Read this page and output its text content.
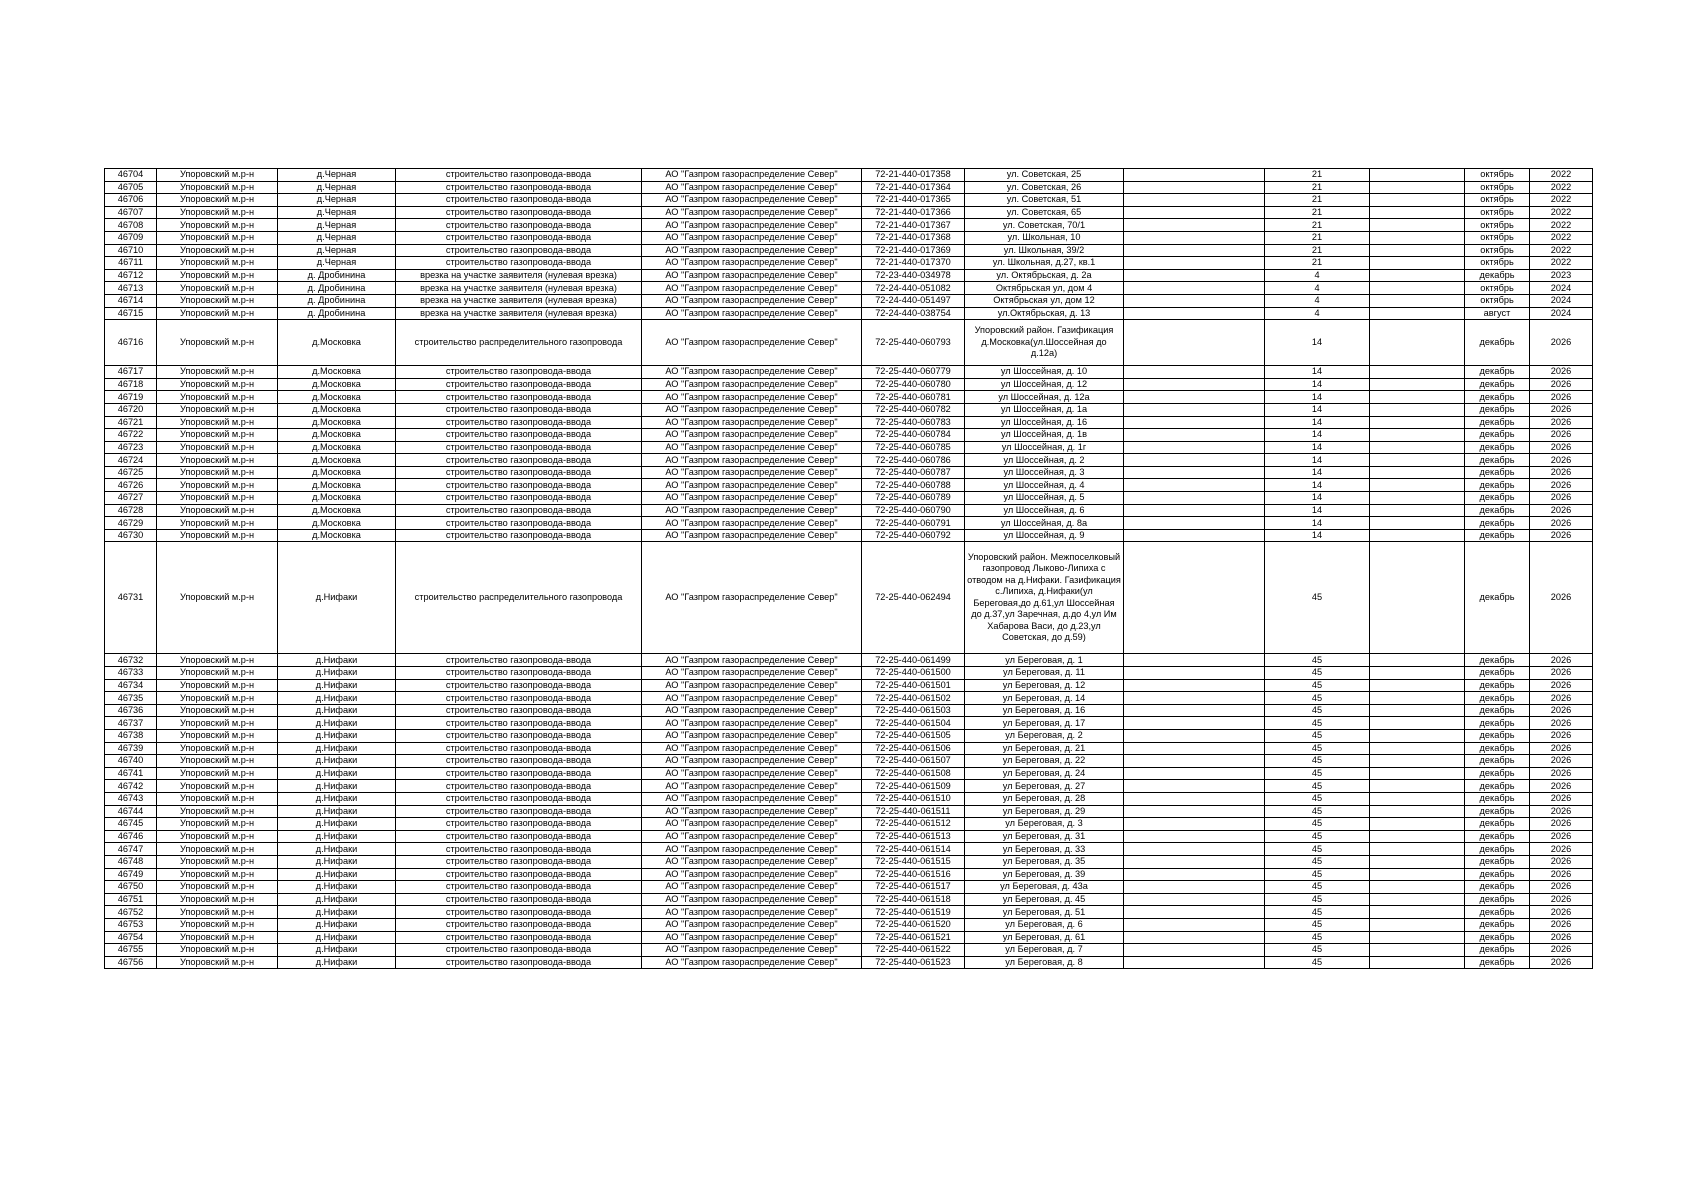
46704	Упоровский м.р-н	д.Черная	строительство газопровода-ввода	АО "Газпром газораспределение Север"	72-21-440-017358	ул. Советская, 25		21		октябрь	2022
46705	Упоровский м.р-н	д.Черная	строительство газопровода-ввода	АО "Газпром газораспределение Север"	72-21-440-017364	ул. Советская, 26		21		октябрь	2022
46706	Упоровский м.р-н	д.Черная	строительство газопровода-ввода	АО "Газпром газораспределение Север"	72-21-440-017365	ул. Советская, 51		21		октябрь	2022
46707	Упоровский м.р-н	д.Черная	строительство газопровода-ввода	АО "Газпром газораспределение Север"	72-21-440-017366	ул. Советская, 65		21		октябрь	2022
46708	Упоровский м.р-н	д.Черная	строительство газопровода-ввода	АО "Газпром газораспределение Север"	72-21-440-017367	ул. Советская, 70/1		21		октябрь	2022
46709	Упоровский м.р-н	д.Черная	строительство газопровода-ввода	АО "Газпром газораспределение Север"	72-21-440-017368	ул. Школьная, 10		21		октябрь	2022
46710	Упоровский м.р-н	д.Черная	строительство газопровода-ввода	АО "Газпром газораспределение Север"	72-21-440-017369	ул. Школьная, 39/2		21		октябрь	2022
46711	Упоровский м.р-н	д.Черная	строительство газопровода-ввода	АО "Газпром газораспределение Север"	72-21-440-017370	ул. Школьная, д.27, кв.1		21		октябрь	2022
46712	Упоровский м.р-н	д. Дробинина	врезка на участке заявителя (нулевая врезка)	АО "Газпром газораспределение Север"	72-23-440-034978	ул. Октябрьская, д. 2а		4		декабрь	2023
46713	Упоровский м.р-н	д. Дробинина	врезка на участке заявителя (нулевая врезка)	АО "Газпром газораспределение Север"	72-24-440-051082	Октябрьская ул, дом 4		4		октябрь	2024
46714	Упоровский м.р-н	д. Дробинина	врезка на участке заявителя (нулевая врезка)	АО "Газпром газораспределение Север"	72-24-440-051497	Октябрьская ул, дом 12		4		октябрь	2024
46715	Упоровский м.р-н	д. Дробинина	врезка на участке заявителя (нулевая врезка)	АО "Газпром газораспределение Север"	72-24-440-038754	ул.Октябрьская, д. 13		4		август	2024
46716	Упоровский м.р-н	д.Московка	строительство распределительного газопровода	АО "Газпром газораспределение Север"	72-25-440-060793	Упоровский район. Газификация д.Московка(ул.Шоссейная до д.12а)		14		декабрь	2026
46717	Упоровский м.р-н	д.Московка	строительство газопровода-ввода	АО "Газпром газораспределение Север"	72-25-440-060779	ул Шоссейная, д. 10		14		декабрь	2026
46718	Упоровский м.р-н	д.Московка	строительство газопровода-ввода	АО "Газпром газораспределение Север"	72-25-440-060780	ул Шоссейная, д. 12		14		декабрь	2026
46719	Упоровский м.р-н	д.Московка	строительство газопровода-ввода	АО "Газпром газораспределение Север"	72-25-440-060781	ул Шоссейная, д. 12а		14		декабрь	2026
46720	Упоровский м.р-н	д.Московка	строительство газопровода-ввода	АО "Газпром газораспределение Север"	72-25-440-060782	ул Шоссейная, д. 1а		14		декабрь	2026
46721	Упоровский м.р-н	д.Московка	строительство газопровода-ввода	АО "Газпром газораспределение Север"	72-25-440-060783	ул Шоссейная, д. 16		14		декабрь	2026
46722	Упоровский м.р-н	д.Московка	строительство газопровода-ввода	АО "Газпром газораспределение Север"	72-25-440-060784	ул Шоссейная, д. 1в		14		декабрь	2026
46723	Упоровский м.р-н	д.Московка	строительство газопровода-ввода	АО "Газпром газораспределение Север"	72-25-440-060785	ул Шоссейная, д. 1г		14		декабрь	2026
46724	Упоровский м.р-н	д.Московка	строительство газопровода-ввода	АО "Газпром газораспределение Север"	72-25-440-060786	ул Шоссейная, д. 2		14		декабрь	2026
46725	Упоровский м.р-н	д.Московка	строительство газопровода-ввода	АО "Газпром газораспределение Север"	72-25-440-060787	ул Шоссейная, д. 3		14		декабрь	2026
46726	Упоровский м.р-н	д.Московка	строительство газопровода-ввода	АО "Газпром газораспределение Север"	72-25-440-060788	ул Шоссейная, д. 4		14		декабрь	2026
46727	Упоровский м.р-н	д.Московка	строительство газопровода-ввода	АО "Газпром газораспределение Север"	72-25-440-060789	ул Шоссейная, д. 5		14		декабрь	2026
46728	Упоровский м.р-н	д.Московка	строительство газопровода-ввода	АО "Газпром газораспределение Север"	72-25-440-060790	ул Шоссейная, д. 6		14		декабрь	2026
46729	Упоровский м.р-н	д.Московка	строительство газопровода-ввода	АО "Газпром газораспределение Север"	72-25-440-060791	ул Шоссейная, д. 8а		14		декабрь	2026
46730	Упоровский м.р-н	д.Московка	строительство газопровода-ввода	АО "Газпром газораспределение Север"	72-25-440-060792	ул Шоссейная, д. 9		14		декабрь	2026
46731	Упоровский м.р-н	д.Нифаки	строительство распределительного газопровода	АО "Газпром газораспределение Север"	72-25-440-062494	Упоровский район. Межпоселковый газопровод Лыково-Липиха с отводом на д.Нифаки. Газификация с.Липиха, д.Нифаки(ул Береговая,до д.61,ул Шоссейная до д.37,ул Заречная, д.до 4,ул Им Хабарова Васи, до д.23,ул Советская, до д.59)		45		декабрь	2026
46732	Упоровский м.р-н	д.Нифаки	строительство газопровода-ввода	АО "Газпром газораспределение Север"	72-25-440-061499	ул Береговая, д. 1		45		декабрь	2026
46733	Упоровский м.р-н	д.Нифаки	строительство газопровода-ввода	АО "Газпром газораспределение Север"	72-25-440-061500	ул Береговая, д. 11		45		декабрь	2026
46734	Упоровский м.р-н	д.Нифаки	строительство газопровода-ввода	АО "Газпром газораспределение Север"	72-25-440-061501	ул Береговая, д. 12		45		декабрь	2026
46735	Упоровский м.р-н	д.Нифаки	строительство газопровода-ввода	АО "Газпром газораспределение Север"	72-25-440-061502	ул Береговая, д. 14		45		декабрь	2026
46736	Упоровский м.р-н	д.Нифаки	строительство газопровода-ввода	АО "Газпром газораспределение Север"	72-25-440-061503	ул Береговая, д. 16		45		декабрь	2026
46737	Упоровский м.р-н	д.Нифаки	строительство газопровода-ввода	АО "Газпром газораспределение Север"	72-25-440-061504	ул Береговая, д. 17		45		декабрь	2026
46738	Упоровский м.р-н	д.Нифаки	строительство газопровода-ввода	АО "Газпром газораспределение Север"	72-25-440-061505	ул Береговая, д. 2		45		декабрь	2026
46739	Упоровский м.р-н	д.Нифаки	строительство газопровода-ввода	АО "Газпром газораспределение Север"	72-25-440-061506	ул Береговая, д. 21		45		декабрь	2026
46740	Упоровский м.р-н	д.Нифаки	строительство газопровода-ввода	АО "Газпром газораспределение Север"	72-25-440-061507	ул Береговая, д. 22		45		декабрь	2026
46741	Упоровский м.р-н	д.Нифаки	строительство газопровода-ввода	АО "Газпром газораспределение Север"	72-25-440-061508	ул Береговая, д. 24		45		декабрь	2026
46742	Упоровский м.р-н	д.Нифаки	строительство газопровода-ввода	АО "Газпром газораспределение Север"	72-25-440-061509	ул Береговая, д. 27		45		декабрь	2026
46743	Упоровский м.р-н	д.Нифаки	строительство газопровода-ввода	АО "Газпром газораспределение Север"	72-25-440-061510	ул Береговая, д. 28		45		декабрь	2026
46744	Упоровский м.р-н	д.Нифаки	строительство газопровода-ввода	АО "Газпром газораспределение Север"	72-25-440-061511	ул Береговая, д. 29		45		декабрь	2026
46745	Упоровский м.р-н	д.Нифаки	строительство газопровода-ввода	АО "Газпром газораспределение Север"	72-25-440-061512	ул Береговая, д. 3		45		декабрь	2026
46746	Упоровский м.р-н	д.Нифаки	строительство газопровода-ввода	АО "Газпром газораспределение Север"	72-25-440-061513	ул Береговая, д. 31		45		декабрь	2026
46747	Упоровский м.р-н	д.Нифаки	строительство газопровода-ввода	АО "Газпром газораспределение Север"	72-25-440-061514	ул Береговая, д. 33		45		декабрь	2026
46748	Упоровский м.р-н	д.Нифаки	строительство газопровода-ввода	АО "Газпром газораспределение Север"	72-25-440-061515	ул Береговая, д. 35		45		декабрь	2026
46749	Упоровский м.р-н	д.Нифаки	строительство газопровода-ввода	АО "Газпром газораспределение Север"	72-25-440-061516	ул Береговая, д. 39		45		декабрь	2026
46750	Упоровский м.р-н	д.Нифаки	строительство газопровода-ввода	АО "Газпром газораспределение Север"	72-25-440-061517	ул Береговая, д. 43а		45		декабрь	2026
46751	Упоровский м.р-н	д.Нифаки	строительство газопровода-ввода	АО "Газпром газораспределение Север"	72-25-440-061518	ул Береговая, д. 45		45		декабрь	2026
46752	Упоровский м.р-н	д.Нифаки	строительство газопровода-ввода	АО "Газпром газораспределение Север"	72-25-440-061519	ул Береговая, д. 51		45		декабрь	2026
46753	Упоровский м.р-н	д.Нифаки	строительство газопровода-ввода	АО "Газпром газораспределение Север"	72-25-440-061520	ул Береговая, д. 6		45		декабрь	2026
46754	Упоровский м.р-н	д.Нифаки	строительство газопровода-ввода	АО "Газпром газораспределение Север"	72-25-440-061521	ул Береговая, д. 61		45		декабрь	2026
46755	Упоровский м.р-н	д.Нифаки	строительство газопровода-ввода	АО "Газпром газораспределение Север"	72-25-440-061522	ул Береговая, д. 7		45		декабрь	2026
46756	Упоровский м.р-н	д.Нифаки	строительство газопровода-ввода	АО "Газпром газораспределение Север"	72-25-440-061523	ул Береговая, д. 8		45		декабрь	2026
